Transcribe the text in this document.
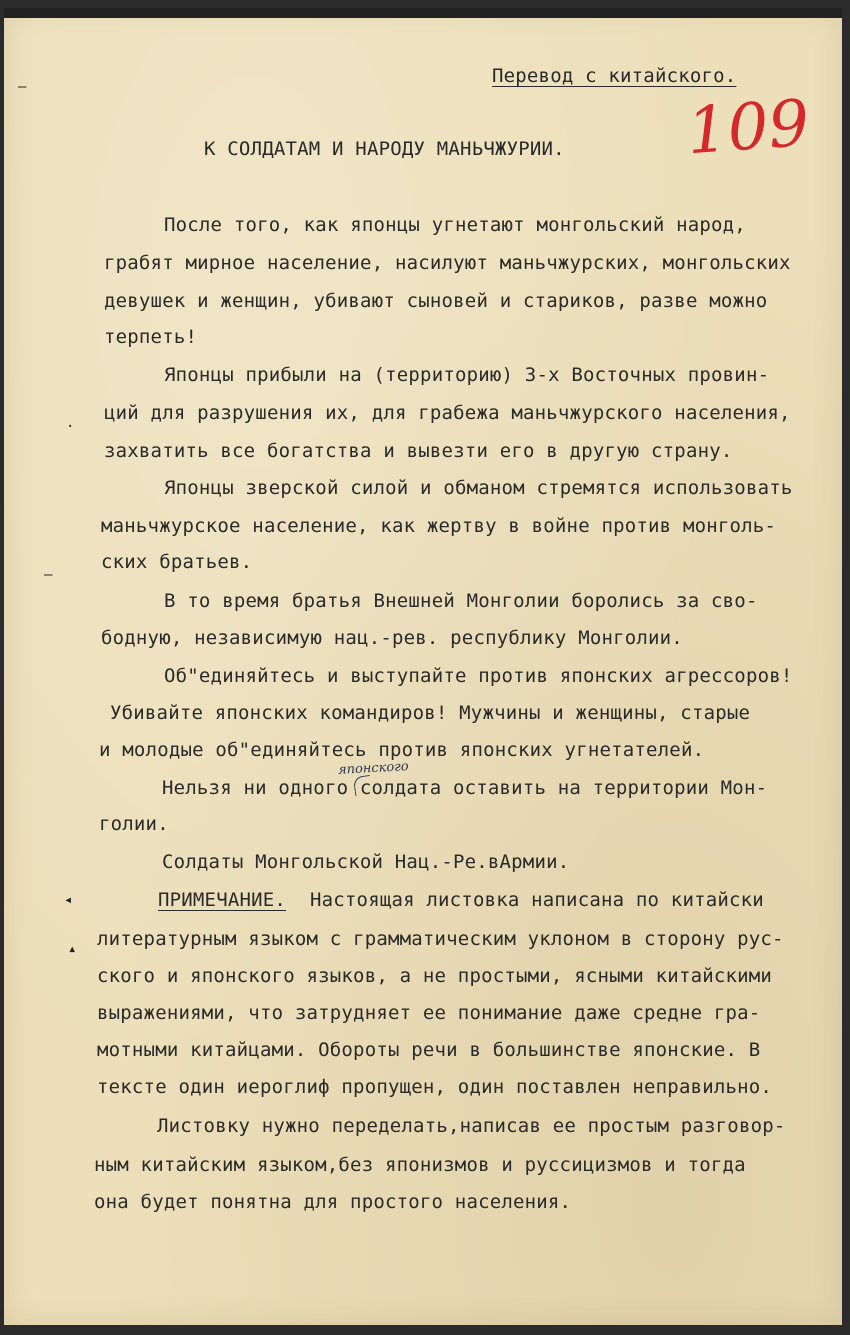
Перевод с китайского.
109
К СОЛДАТАМ И НАРОДУ МАНЬЧЖУРИИ.
После того, как японцы угнетают монгольский народ,
грабят мирное население, насилуют маньчжурских, монгольских
девушек и женщин, убивают сыновей и стариков, разве можно
терпеть!
Японцы прибыли на (территорию) 3-х Восточных провин-
ций для разрушения их, для грабежа маньчжурского населения,
захватить все богатства и вывезти его в другую страну.
Японцы зверской силой и обманом стремятся использовать
маньчжурское население, как жертву в войне против монголь-
ских братьев.
В то время братья Внешней Монголии боролись за сво-
бодную, независимую нац.-рев. республику Монголии.
Об"единяйтесь и выступайте против японских агрессоров!
Убивайте японских командиров! Мужчины и женщины, старые
и молодые об"единяйтесь против японских угнетателей.
Нельзя ни одного солдата оставить на территории Мон-
голии.
Солдаты Монгольской Нац.-Ре.вАрмии.
ПРИМЕЧАНИЕ. Настоящая листовка написана по китайски
литературным языком с грамматическим уклоном в сторону рус-
ского и японского языков, а не простыми, ясными китайскими
выражениями, что затрудняет ее понимание даже средне гра-
мотными китайцами. Обороты речи в большинстве японские. В
тексте один иероглиф пропущен, один поставлен неправильно.
Листовку нужно переделать,написав ее простым разговор-
ным китайским языком,без японизмов и руссицизмов и тогда
она будет понятна для простого населения.
японского
–
·
–
◂
▴
